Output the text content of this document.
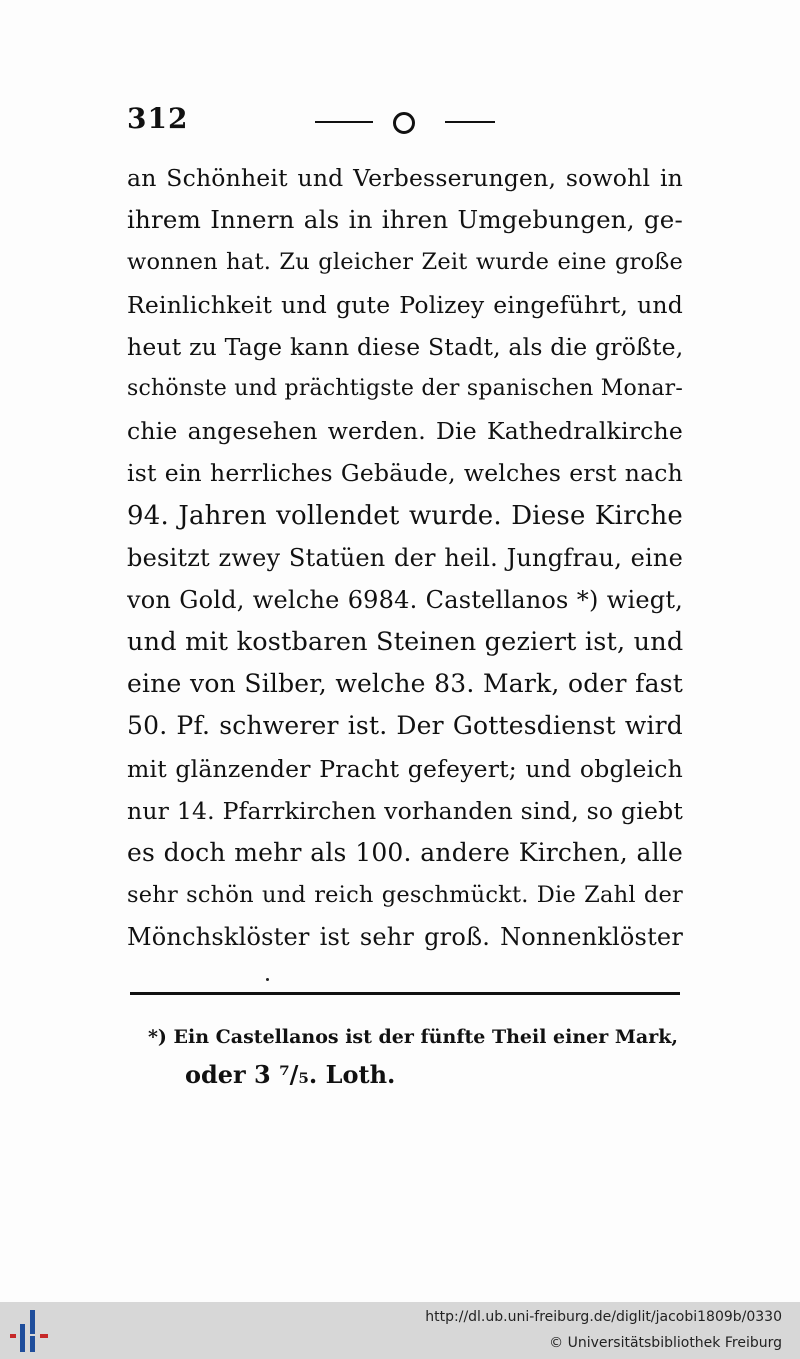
312
an Schönheit und Verbesserungen, sowohl in
ihrem Innern als in ihren Umgebungen, ge-
wonnen hat. Zu gleicher Zeit wurde eine große
Reinlichkeit und gute Polizey eingeführt, und
heut zu Tage kann diese Stadt, als die größte,
schönste und prächtigste der spanischen Monar-
chie angesehen werden. Die Kathedralkirche
ist ein herrliches Gebäude, welches erst nach
94. Jahren vollendet wurde. Diese Kirche
besitzt zwey Statüen der heil. Jungfrau, eine
von Gold, welche 6984. Castellanos *) wiegt,
und mit kostbaren Steinen geziert ist, und
eine von Silber, welche 83. Mark, oder fast
50. Pf. schwerer ist. Der Gottesdienst wird
mit glänzender Pracht gefeyert; und obgleich
nur 14. Pfarrkirchen vorhanden sind, so giebt
es doch mehr als 100. andere Kirchen, alle
sehr schön und reich geschmückt. Die Zahl der
Mönchsklöster ist sehr groß. Nonnenklöster
*) Ein Castellanos ist der fünfte Theil einer Mark,
oder 3 ⁷/₅. Loth.
http://dl.ub.uni-freiburg.de/diglit/jacobi1809b/0330
© Universitätsbibliothek Freiburg
